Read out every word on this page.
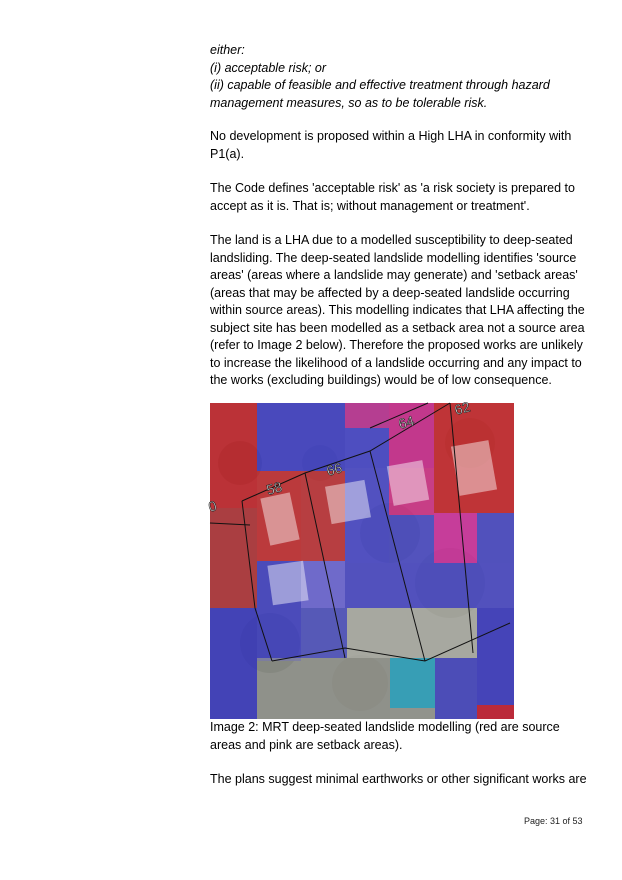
either:
(i) acceptable risk; or
(ii) capable of feasible and effective treatment through hazard
management measures, so as to be tolerable risk.
No development is proposed within a High LHA in conformity with
P1(a).
The Code defines 'acceptable risk' as 'a risk society is prepared to
accept as it is. That is; without management or treatment'.
The land is a LHA due to a modelled susceptibility to deep-seated
landsliding. The deep-seated landslide modelling identifies 'source
areas' (areas where a landslide may generate) and 'setback areas'
(areas that may be affected by a deep-seated landslide occurring
within source areas). This modelling indicates that LHA affecting the
subject site has been modelled as a setback area not a source area
(refer to Image 2 below). Therefore the proposed works are unlikely
to increase the likelihood of a landslide occurring and any impact to
the works (excluding buildings) would be of low consequence.
64
62
66
58
0
Image 2: MRT deep-seated landslide modelling (red are source
areas and pink are setback areas).
The plans suggest minimal earthworks or other significant works are
Page: 31 of 53
